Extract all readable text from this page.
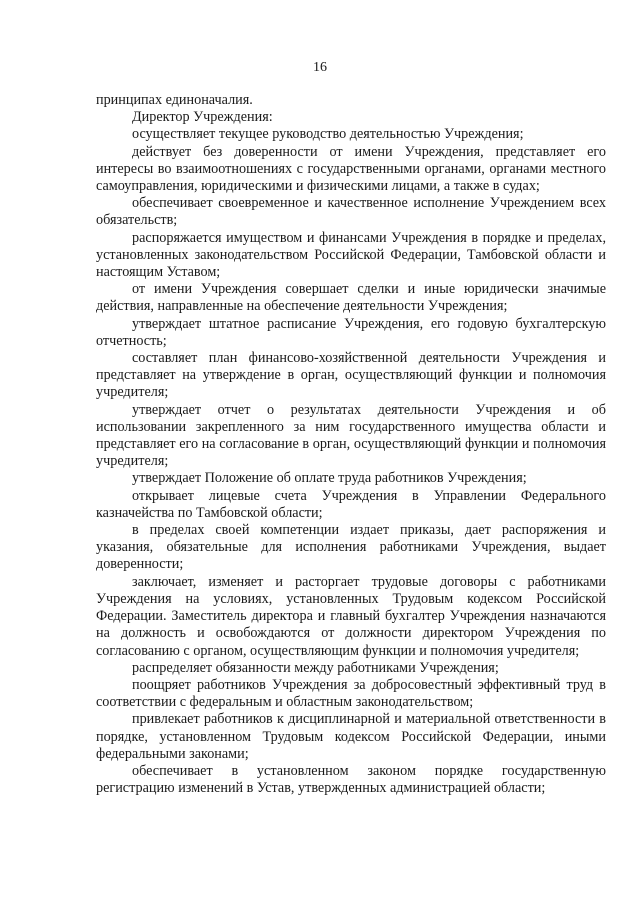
16

принципах единоначалия.

Директор Учреждения:

осуществляет текущее руководство деятельностью Учреждения;

действует без доверенности от имени Учреждения, представляет его интересы во взаимоотношениях с государственными органами, органами местного самоуправления, юридическими и физическими лицами, а также в судах;

обеспечивает своевременное и качественное исполнение Учреждением всех обязательств;

распоряжается имуществом и финансами Учреждения в порядке и пределах, установленных законодательством Российской Федерации, Тамбовской области и настоящим Уставом;

от имени Учреждения совершает сделки и иные юридически значимые действия, направленные на обеспечение деятельности Учреждения;

утверждает штатное расписание Учреждения, его годовую бухгалтерскую отчетность;

составляет план финансово-хозяйственной деятельности Учреждения и представляет на утверждение в орган, осуществляющий функции и полномочия учредителя;

утверждает отчет о результатах деятельности Учреждения и об использовании закрепленного за ним государственного имущества области и представляет его на согласование в орган, осуществляющий функции и полномочия учредителя;

утверждает Положение об оплате труда работников Учреждения;

открывает лицевые счета Учреждения в Управлении Федерального казначейства по Тамбовской области;

в пределах своей компетенции издает приказы, дает распоряжения и указания, обязательные для исполнения работниками Учреждения, выдает доверенности;

заключает, изменяет и расторгает трудовые договоры с работниками Учреждения на условиях, установленных Трудовым кодексом Российской Федерации. Заместитель директора и главный бухгалтер Учреждения назначаются на должность и освобождаются от должности директором Учреждения по согласованию с органом, осуществляющим функции и полномочия учредителя;

распределяет обязанности между работниками Учреждения;

поощряет работников Учреждения за добросовестный эффективный труд в соответствии с федеральным и областным законодательством;

привлекает работников к дисциплинарной и материальной ответственности в порядке, установленном Трудовым кодексом Российской Федерации, иными федеральными законами;

обеспечивает в установленном законом порядке государственную регистрацию изменений в Устав, утвержденных администрацией области;
